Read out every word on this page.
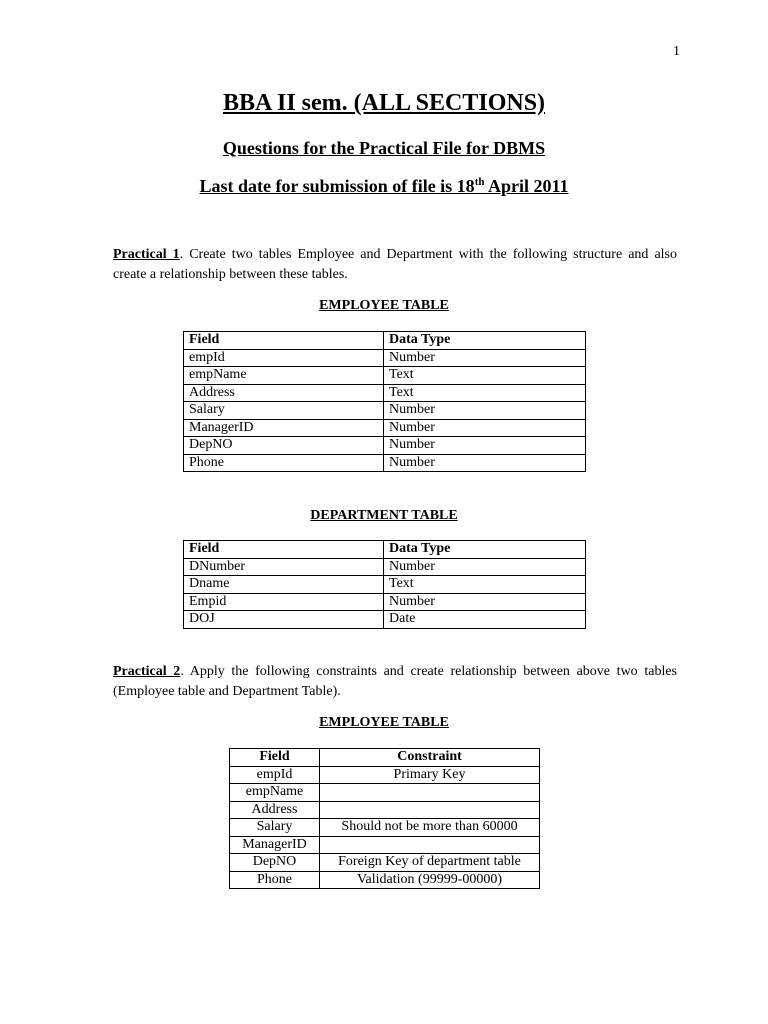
1
BBA II sem. (ALL SECTIONS)
Questions for the Practical File for DBMS
Last date for submission of file is 18th April 2011
Practical 1. Create two tables Employee and Department with the following structure and also create a relationship between these tables.
EMPLOYEE TABLE
Field	Data Type
empId	Number
empName	Text
Address	Text
Salary	Number
ManagerID	Number
DepNO	Number
Phone	Number
DEPARTMENT TABLE
Field	Data Type
DNumber	Number
Dname	Text
Empid	Number
DOJ	Date
Practical 2. Apply the following constraints and create relationship between above two tables (Employee table and Department Table).
EMPLOYEE TABLE
Field	Constraint
empId	Primary Key
empName	
Address	
Salary	Should not be more than 60000
ManagerID	
DepNO	Foreign Key of department table
Phone	Validation (99999-00000)
